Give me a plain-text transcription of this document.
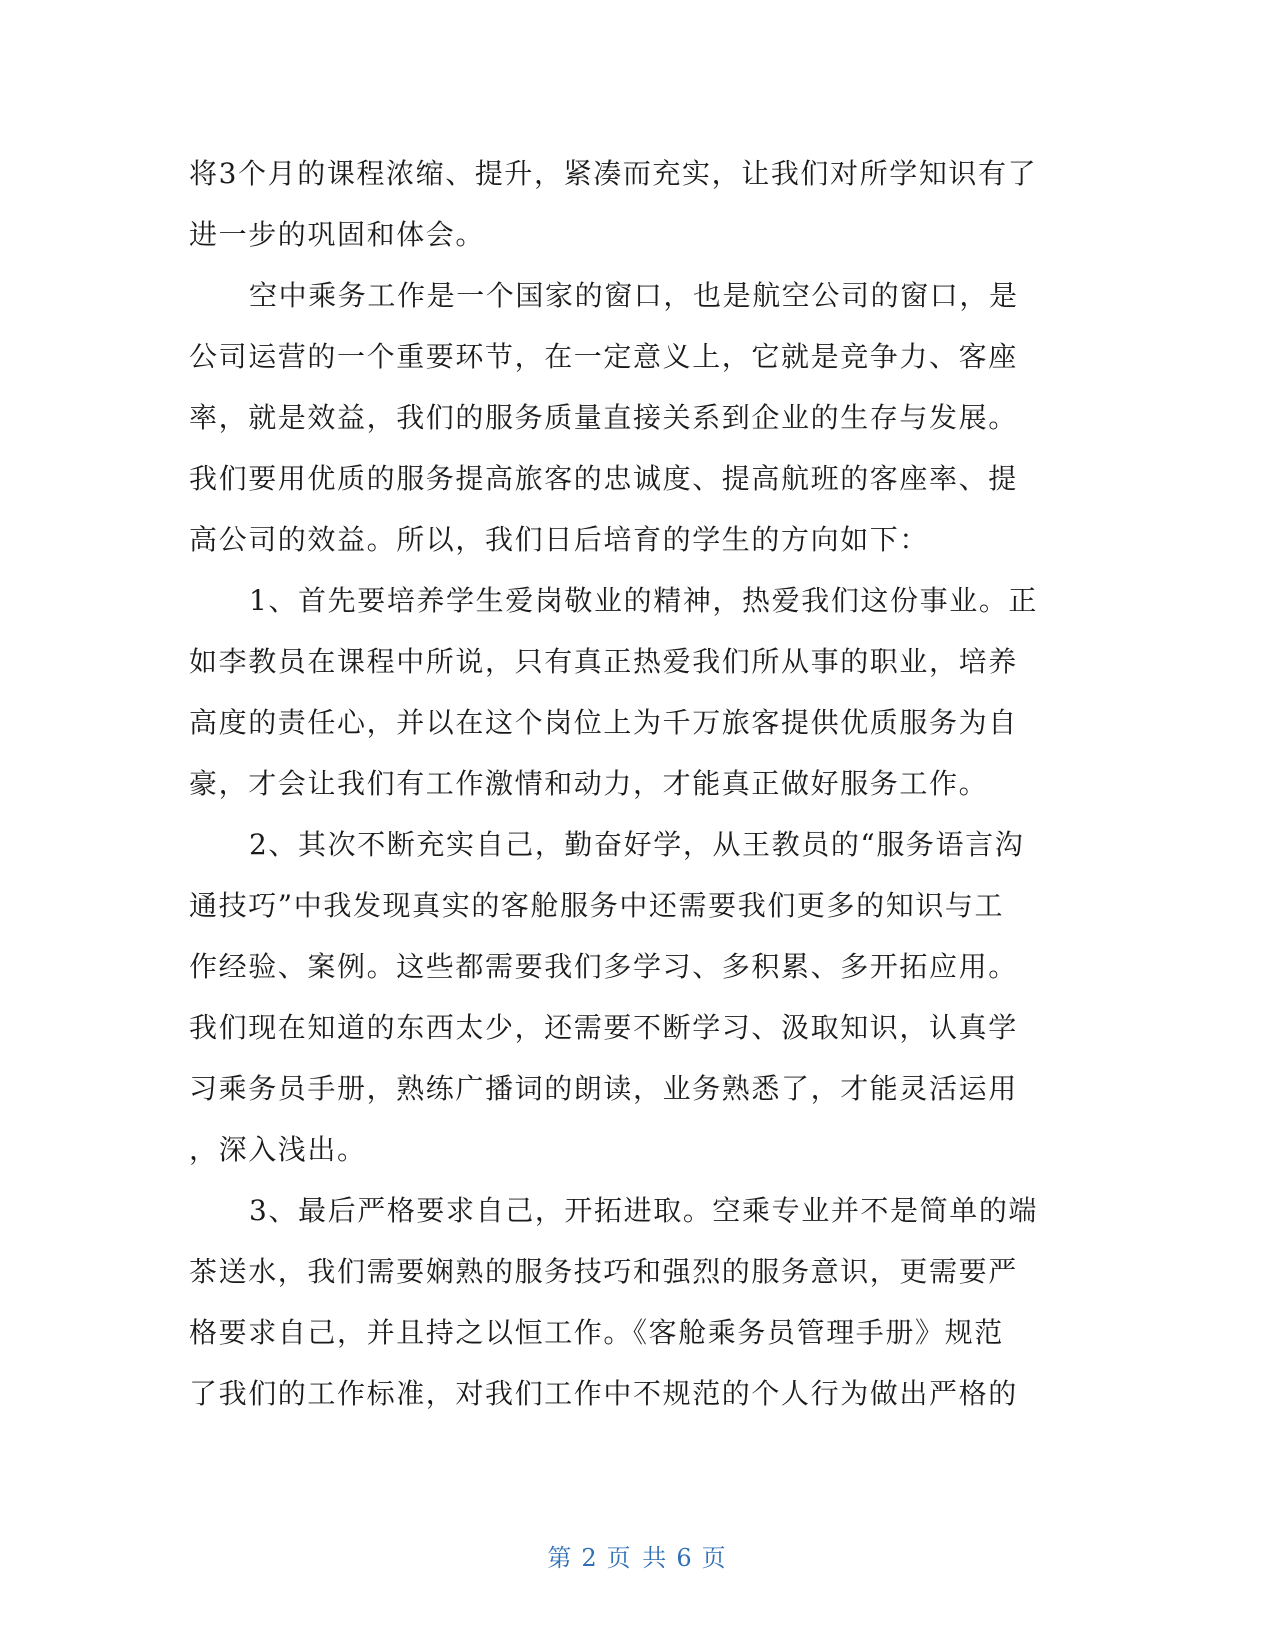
将3个月的课程浓缩、提升，紧凑而充实，让我们对所学知识有了
进一步的巩固和体会。
空中乘务工作是一个国家的窗口，也是航空公司的窗口，是
公司运营的一个重要环节，在一定意义上，它就是竞争力、客座
率，就是效益，我们的服务质量直接关系到企业的生存与发展。
我们要用优质的服务提高旅客的忠诚度、提高航班的客座率、提
高公司的效益。所以，我们日后培育的学生的方向如下：
1、首先要培养学生爱岗敬业的精神，热爱我们这份事业。正
如李教员在课程中所说，只有真正热爱我们所从事的职业，培养
高度的责任心，并以在这个岗位上为千万旅客提供优质服务为自
豪，才会让我们有工作激情和动力，才能真正做好服务工作。
2、其次不断充实自己，勤奋好学，从王教员的“服务语言沟
通技巧”中我发现真实的客舱服务中还需要我们更多的知识与工
作经验、案例。这些都需要我们多学习、多积累、多开拓应用。
我们现在知道的东西太少，还需要不断学习、汲取知识，认真学
习乘务员手册，熟练广播词的朗读，业务熟悉了，才能灵活运用
，深入浅出。
3、最后严格要求自己，开拓进取。空乘专业并不是简单的端
茶送水，我们需要娴熟的服务技巧和强烈的服务意识，更需要严
格要求自己，并且持之以恒工作。《客舱乘务员管理手册》规范
了我们的工作标准，对我们工作中不规范的个人行为做出严格的
第 2 页 共 6 页
